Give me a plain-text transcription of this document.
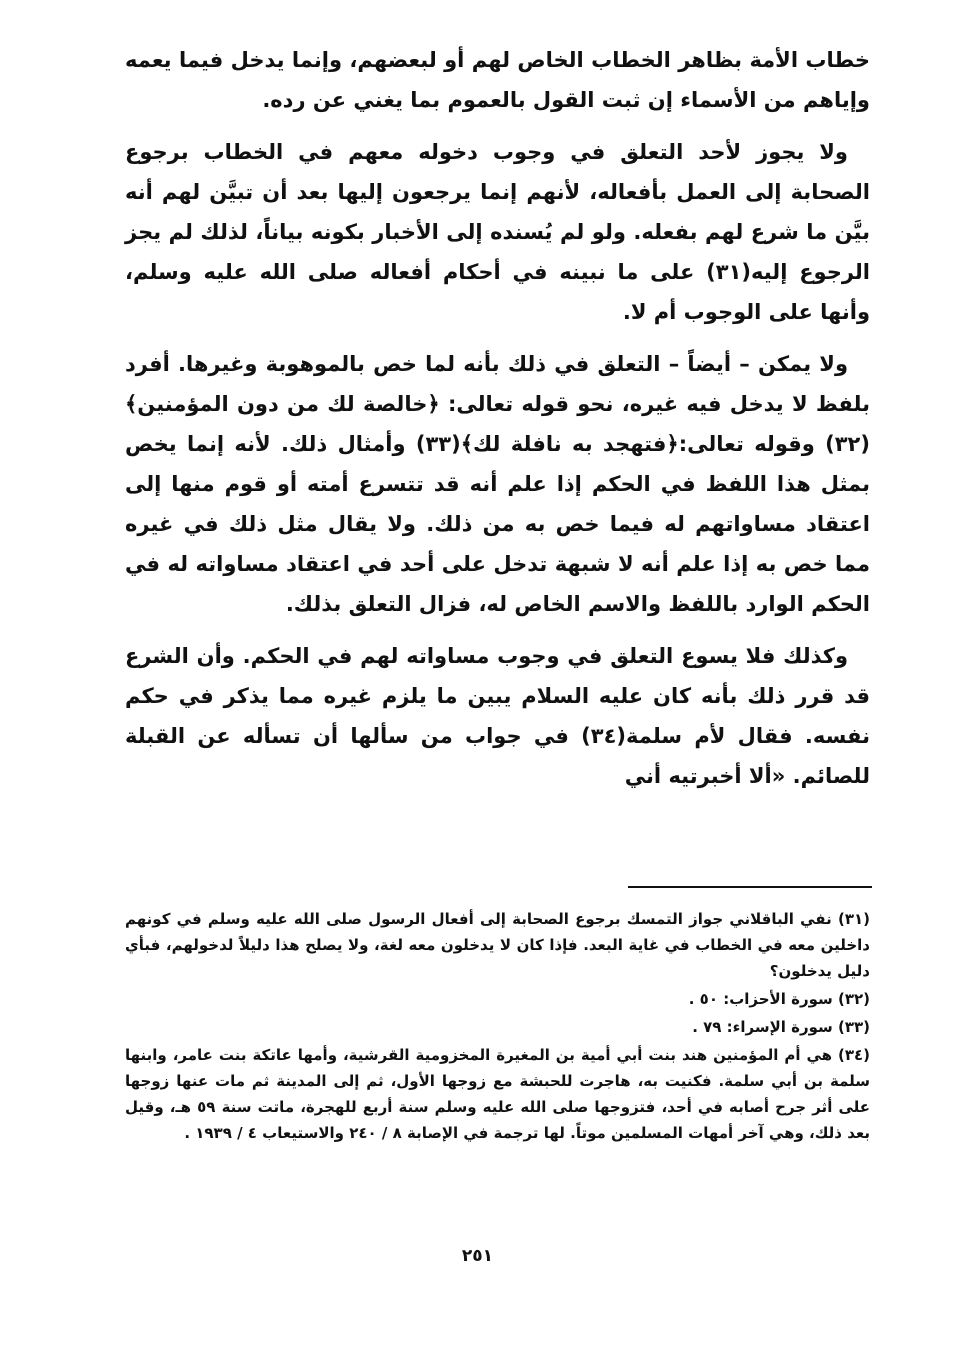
خطاب الأمة بظاهر الخطاب الخاص لهم أو لبعضهم، وإنما يدخل فيما يعمه وإياهم من الأسماء إن ثبت القول بالعموم بما يغني عن رده.

ولا يجوز لأحد التعلق في وجوب دخوله معهم في الخطاب برجوع الصحابة إلى العمل بأفعاله، لأنهم إنما يرجعون إليها بعد أن تبيَّن لهم أنه بيَّن ما شرع لهم بفعله. ولو لم يُسنده إلى الأخبار بكونه بياناً، لذلك لم يجز الرجوع إليه(٣١) على ما نبينه في أحكام أفعاله صلى الله عليه وسلم، وأنها على الوجوب أم لا.

ولا يمكن – أيضاً – التعلق في ذلك بأنه لما خص بالموهوبة وغيرها. أفرد بلفظ لا يدخل فيه غيره، نحو قوله تعالى: ﴿خالصة لك من دون المؤمنين﴾(٣٢) وقوله تعالى:﴿فتهجد به نافلة لك﴾(٣٣) وأمثال ذلك. لأنه إنما يخص بمثل هذا اللفظ في الحكم إذا علم أنه قد تتسرع أمته أو قوم منها إلى اعتقاد مساواتهم له فيما خص به من ذلك. ولا يقال مثل ذلك في غيره مما خص به إذا علم أنه لا شبهة تدخل على أحد في اعتقاد مساواته له في الحكم الوارد باللفظ والاسم الخاص له، فزال التعلق بذلك.

وكذلك فلا يسوع التعلق في وجوب مساواته لهم في الحكم. وأن الشرع قد قرر ذلك بأنه كان عليه السلام يبين ما يلزم غيره مما يذكر في حكم نفسه. فقال لأم سلمة(٣٤) في جواب من سألها أن تسأله عن القبلة للصائم. «ألا أخبرتيه أني

(٣١) نفي الباقلاني جواز التمسك برجوع الصحابة إلى أفعال الرسول صلى الله عليه وسلم في كونهم داخلين معه في الخطاب في غاية البعد. فإذا كان لا يدخلون معه لغة، ولا يصلح هذا دليلاً لدخولهم، فبأي دليل يدخلون؟

(٣٢) سورة الأحزاب: ٥٠ .

(٣٣) سورة الإسراء: ٧٩ .

(٣٤) هي أم المؤمنين هند بنت أبي أمية بن المغيرة المخزومية القرشية، وأمها عاتكة بنت عامر، وابنها سلمة بن أبي سلمة. فكنيت به، هاجرت للحبشة مع زوجها الأول، ثم إلى المدينة ثم مات عنها زوجها على أثر جرح أصابه في أحد، فتزوجها صلى الله عليه وسلم سنة أربع للهجرة، ماتت سنة ٥٩ هـ، وقيل بعد ذلك، وهي آخر أمهات المسلمين موتاً. لها ترجمة في الإصابة ٨ / ٢٤٠ والاستيعاب ٤ / ١٩٣٩ .

٢٥١
